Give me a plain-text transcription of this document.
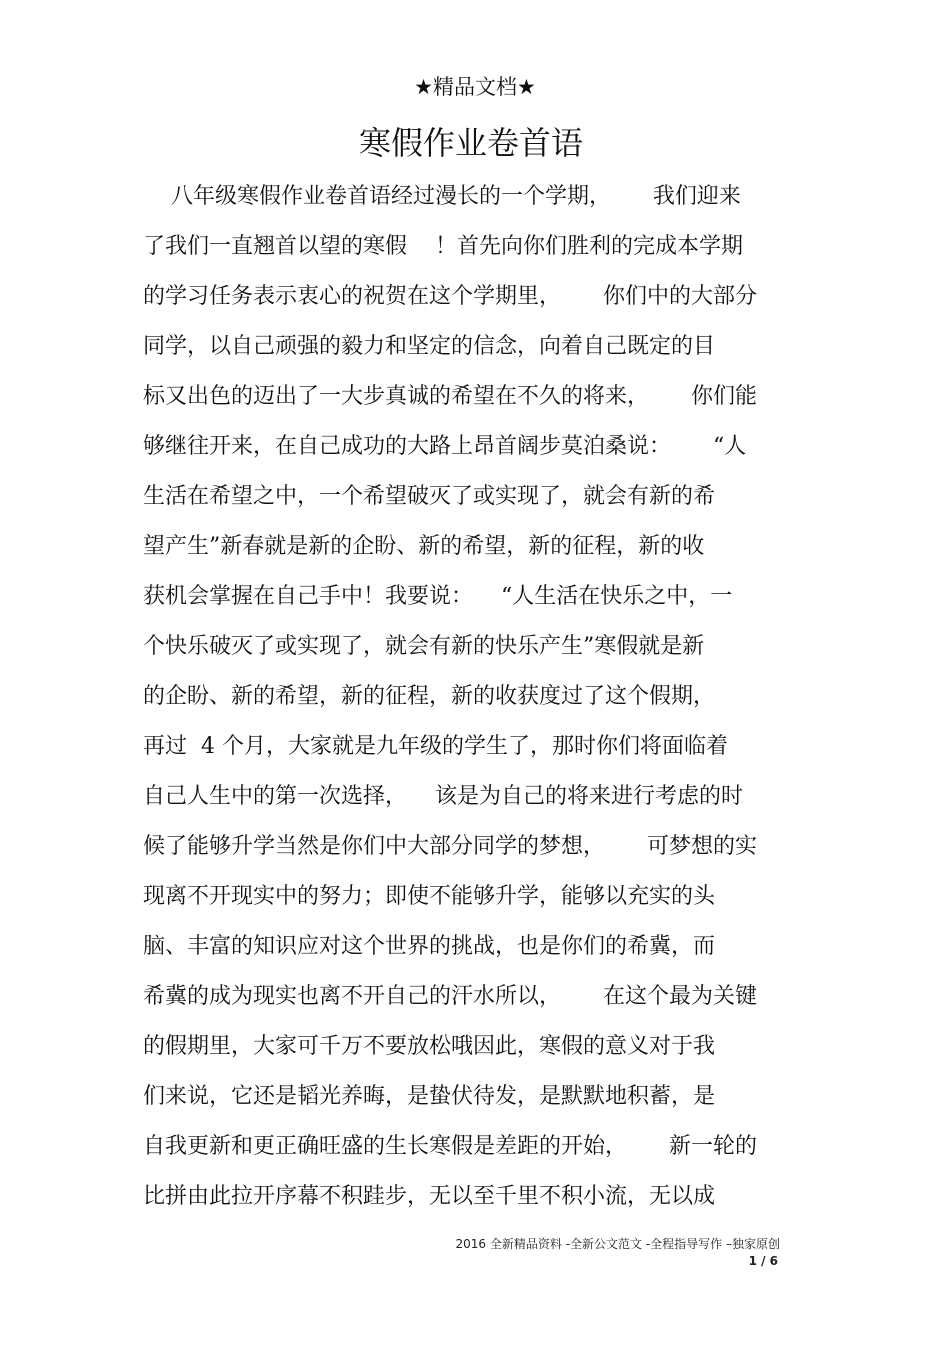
★精品文档★
寒假作业卷首语
八年级寒假作业卷首语经过漫长的一个学期，      我们迎来
了我们一直翘首以望的寒假    ！首先向你们胜利的完成本学期
的学习任务表示衷心的祝贺在这个学期里，      你们中的大部分
同学，以自己顽强的毅力和坚定的信念，向着自己既定的目
标又出色的迈出了一大步真诚的希望在不久的将来，      你们能
够继往开来，在自己成功的大路上昂首阔步莫泊桑说：      “人
生活在希望之中，一个希望破灭了或实现了，就会有新的希
望产生”新春就是新的企盼、新的希望，新的征程，新的收
获机会掌握在自己手中！我要说：    “人生活在快乐之中，一
个快乐破灭了或实现了，就会有新的快乐产生”寒假就是新
的企盼、新的希望，新的征程，新的收获度过了这个假期，
再过  4 个月，大家就是九年级的学生了，那时你们将面临着
自己人生中的第一次选择，    该是为自己的将来进行考虑的时
候了能够升学当然是你们中大部分同学的梦想，      可梦想的实
现离不开现实中的努力；即使不能够升学，能够以充实的头
脑、丰富的知识应对这个世界的挑战，也是你们的希冀，而
希冀的成为现实也离不开自己的汗水所以，      在这个最为关键
的假期里，大家可千万不要放松哦因此，寒假的意义对于我
们来说，它还是韬光养晦，是蛰伏待发，是默默地积蓄，是
自我更新和更正确旺盛的生长寒假是差距的开始，      新一轮的
比拼由此拉开序幕不积跬步，无以至千里不积小流，无以成
2016 全新精品资料 -全新公文范文 -全程指导写作 –独家原创
1 / 6
